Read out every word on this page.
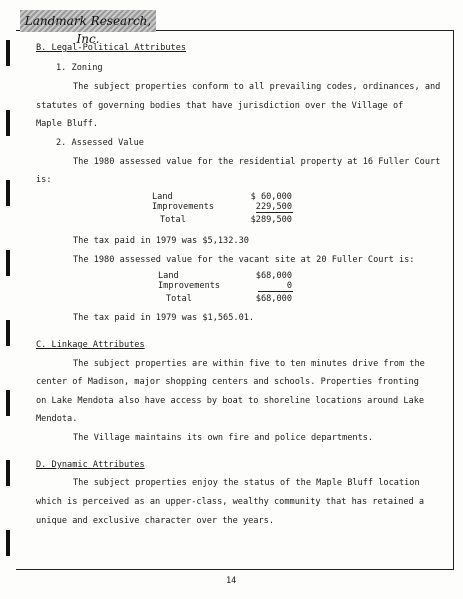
Landmark Research, Inc.
B. Legal-Political Attributes
1. Zoning
The subject properties conform to all prevailing codes, ordinances, and
statutes of governing bodies that have jurisdiction over the Village of
Maple Bluff.
2. Assessed Value
The 1980 assessed value for the residential property at 16 Fuller Court
is:
Land	$ 60,000
Improvements	229,500
Total	$289,500
The tax paid in 1979 was $5,132.30
The 1980 assessed value for the vacant site at 20 Fuller Court is:
Land	$68,000
Improvements	0
Total	$68,000
The tax paid in 1979 was $1,565.01.
C. Linkage Attributes
The subject properties are within five to ten minutes drive from the
center of Madison, major shopping centers and schools. Properties fronting
on Lake Mendota also have access by boat to shoreline locations around Lake
Mendota.
The Village maintains its own fire and police departments.
D. Dynamic Attributes
The subject properties enjoy the status of the Maple Bluff location
which is perceived as an upper-class, wealthy community that has retained a
unique and exclusive character over the years.
14
